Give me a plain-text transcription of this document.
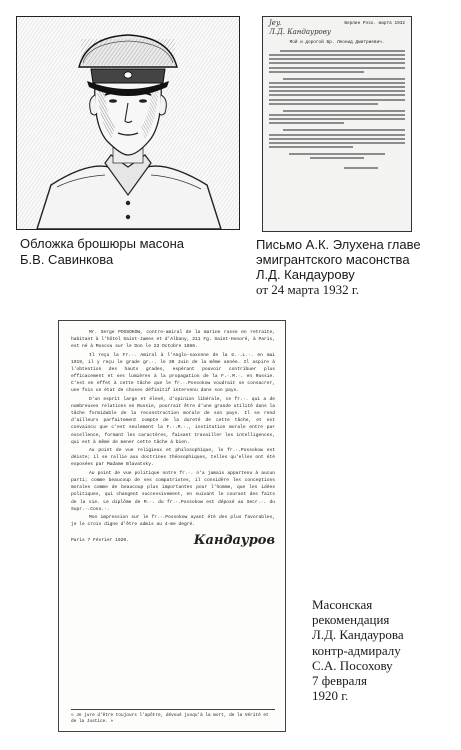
Обложка брошюры масона
Б.В. Савинкова
Jey.	Берлин Рэзх. марта 1932
Л.Д. Кандаурову
Мой и дорогой Бр. Леонид Дмитриевич.
Письмо А.К. Элухена главе
эмигрантского масонства
Л.Д. Кандаурову
от 24 марта 1932 г.

Mr. Serge POSSOKOW, contre-amiral de la marine russe en retraite, habitant à l'hôtel Saint-James et d'Albany, 211 Fg. Saint-Honoré, à Paris, est né à Moscou sur le Don le 23 Octobre 1866.

Il reçu la Fr.·. Amiral à l'Anglo-saxonne de la G.·.L.·. en mai 1919, il y reçu le grade gr.·. le 30 Juin de la même année. Il aspire à l'obtention des hauts grades, espérant pouvoir contribuer plus efficacement et ses lumières à la propagation de la F.·.M.·. en Russie. C'est en effet à cette tâche que le fr.·.Possokow voudrait se consacrer, une fois un état de choses définitif intervenu dans son pays.

D'un esprit large et élevé, d'opinion libérale, ce fr.·. qui a de nombreuses relations en Russie, pourrait être d'une grande utilité dans la tâche formidable de la reconstruction morale de son pays. Il se rend d'ailleurs parfaitement compte de la dureté de cette tâche, et est convaincu que c'est seulement la F.·.M.·., institution morale entre par excellence, formant les caractères, faisant travailler les intelligences, qui est à même de mener cette tâche à bien.

Au point de vue religieux et philosophique, le fr.·.Possokow est déiste; il se rallie aux doctrines théosophiques, telles qu'elles ont été exposées par Madame Blavatsky.

Au point de vue politique notre fr.·. n'a jamais appartenu à aucun parti; comme beaucoup de ses compatriotes, il considère les conceptions morales comme de beaucoup plus importantes pour l'homme, que les idées politiques, qui changent successivement, en suivant le courant des faits de la vie. Le diplôme de M.·. du fr.·.Possokow est déposé au Secr.·. du Supr.·.Cons.·.

Mon impression sur le fr.·.Possokow ayant été des plus favorables, je le crois digne d'être admis au 4-me degré.

Paris 7 Février 1920.	Кандауров

« Je jure d'être toujours l'apôtre, dévoué jusqu'à la mort, de la Vérité et de la Justice. »
Масонская
рекомендация
Л.Д. Кандаурова
контр-адмиралу
С.А. Посохову
7 февраля
1920 г.
